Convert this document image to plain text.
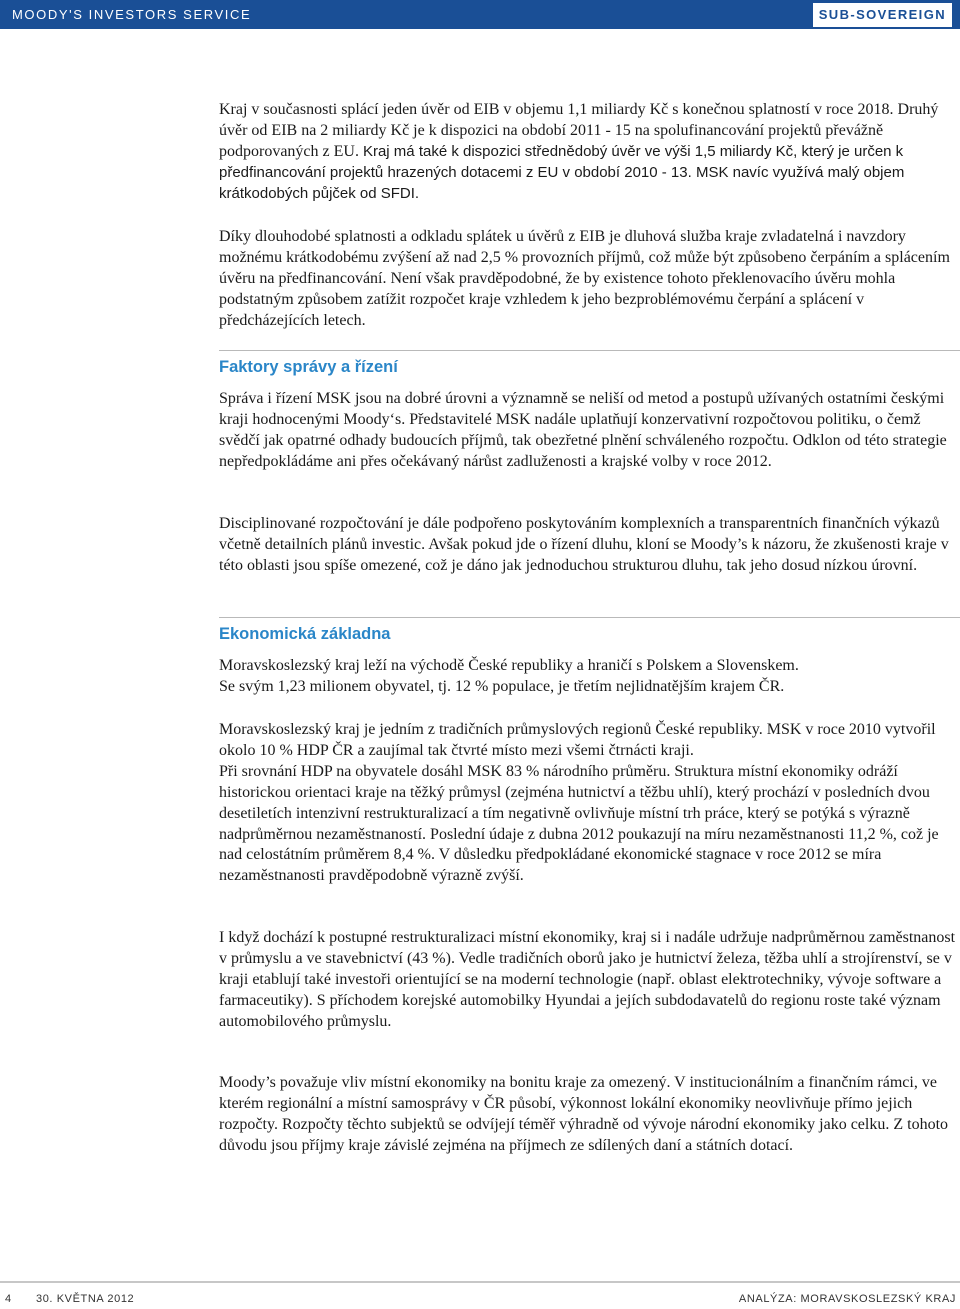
MOODY'S INVESTORS SERVICE	SUB-SOVEREIGN
Kraj v současnosti splácí jeden úvěr od EIB v objemu 1,1 miliardy Kč s konečnou splatností v roce 2018. Druhý úvěr od EIB na 2 miliardy Kč je k dispozici na období 2011 - 15 na spolufinancování projektů převážně podporovaných z EU. Kraj má také k dispozici střednědobý úvěr ve výši 1,5 miliardy Kč, který je určen k předfinancování projektů hrazených dotacemi z EU v období 2010 - 13. MSK navíc využívá malý objem krátkodobých půjček od SFDI.
Díky dlouhodobé splatnosti a odkladu splátek u úvěrů z EIB je dluhová služba kraje zvladatelná i navzdory možnému krátkodobému zvýšení až nad 2,5 % provozních příjmů, což může být způsobeno čerpáním a splácením úvěru na předfinancování. Není však pravděpodobné, že by existence tohoto překlenovacího úvěru mohla podstatným způsobem zatížit rozpočet kraje vzhledem k jeho bezproblémovému čerpání a splácení v předcházejících letech.
Faktory správy a řízení
Správa i řízení MSK jsou na dobré úrovni a významně se neliší od metod a postupů užívaných ostatními českými kraji hodnocenými Moody‘s. Představitelé MSK nadále uplatňují konzervativní rozpočtovou politiku, o čemž svědčí jak opatrné odhady budoucích příjmů, tak obezřetné plnění schváleného rozpočtu. Odklon od této strategie nepředpokládáme ani přes očekávaný nárůst zadluženosti a krajské volby v roce 2012.
Disciplinované rozpočtování je dále podpořeno poskytováním komplexních a transparentních finančních výkazů včetně detailních plánů investic. Avšak pokud jde o řízení dluhu, kloní se Moody’s k názoru, že zkušenosti kraje v této oblasti jsou spíše omezené, což je dáno jak jednoduchou strukturou dluhu, tak jeho dosud nízkou úrovní.
Ekonomická základna
Moravskoslezský kraj leží na východě České republiky a hraničí s Polskem a Slovenskem.
Se svým 1,23 milionem obyvatel, tj. 12 % populace, je třetím nejlidnatějším krajem ČR.
Moravskoslezský kraj je jedním z tradičních průmyslových regionů České republiky. MSK v roce 2010 vytvořil okolo 10 % HDP ČR a zaujímal tak čtvrté místo mezi všemi čtrnácti kraji.
Při srovnání HDP na obyvatele dosáhl MSK 83 % národního průměru. Struktura místní ekonomiky odráží historickou orientaci kraje na těžký průmysl (zejména hutnictví a těžbu uhlí), který prochází v posledních dvou desetiletích intenzivní restrukturalizací a tím negativně ovlivňuje místní trh práce, který se potýká s výrazně nadprůměrnou nezaměstnaností. Poslední údaje z dubna 2012 poukazují na míru nezaměstnanosti 11,2 %, což je nad celostátním průměrem 8,4 %. V důsledku předpokládané ekonomické stagnace v roce 2012 se míra nezaměstnanosti pravděpodobně výrazně zvýší.
I když dochází k postupné restrukturalizaci místní ekonomiky, kraj si i nadále udržuje nadprůměrnou zaměstnanost v průmyslu a ve stavebnictví (43 %). Vedle tradičních oborů jako je hutnictví železa, těžba uhlí a strojírenství, se v kraji etablují také investoři orientující se na moderní technologie (např. oblast elektrotechniky, vývoje software a farmaceutiky). S příchodem korejské automobilky Hyundai a jejích subdodavatelů do regionu roste také význam automobilového průmyslu.
Moody’s považuje vliv místní ekonomiky na bonitu kraje za omezený. V institucionálním a finančním rámci, ve kterém regionální a místní samosprávy v ČR působí, výkonnost lokální ekonomiky neovlivňuje přímo jejich rozpočty. Rozpočty těchto subjektů se odvíjejí téměř výhradně od vývoje národní ekonomiky jako celku. Z tohoto důvodu jsou příjmy kraje závislé zejména na příjmech ze sdílených daní a státních dotací.
4 30. KVĚTNA 2012	ANALÝZA: MORAVSKOSLEZSKÝ KRAJ
